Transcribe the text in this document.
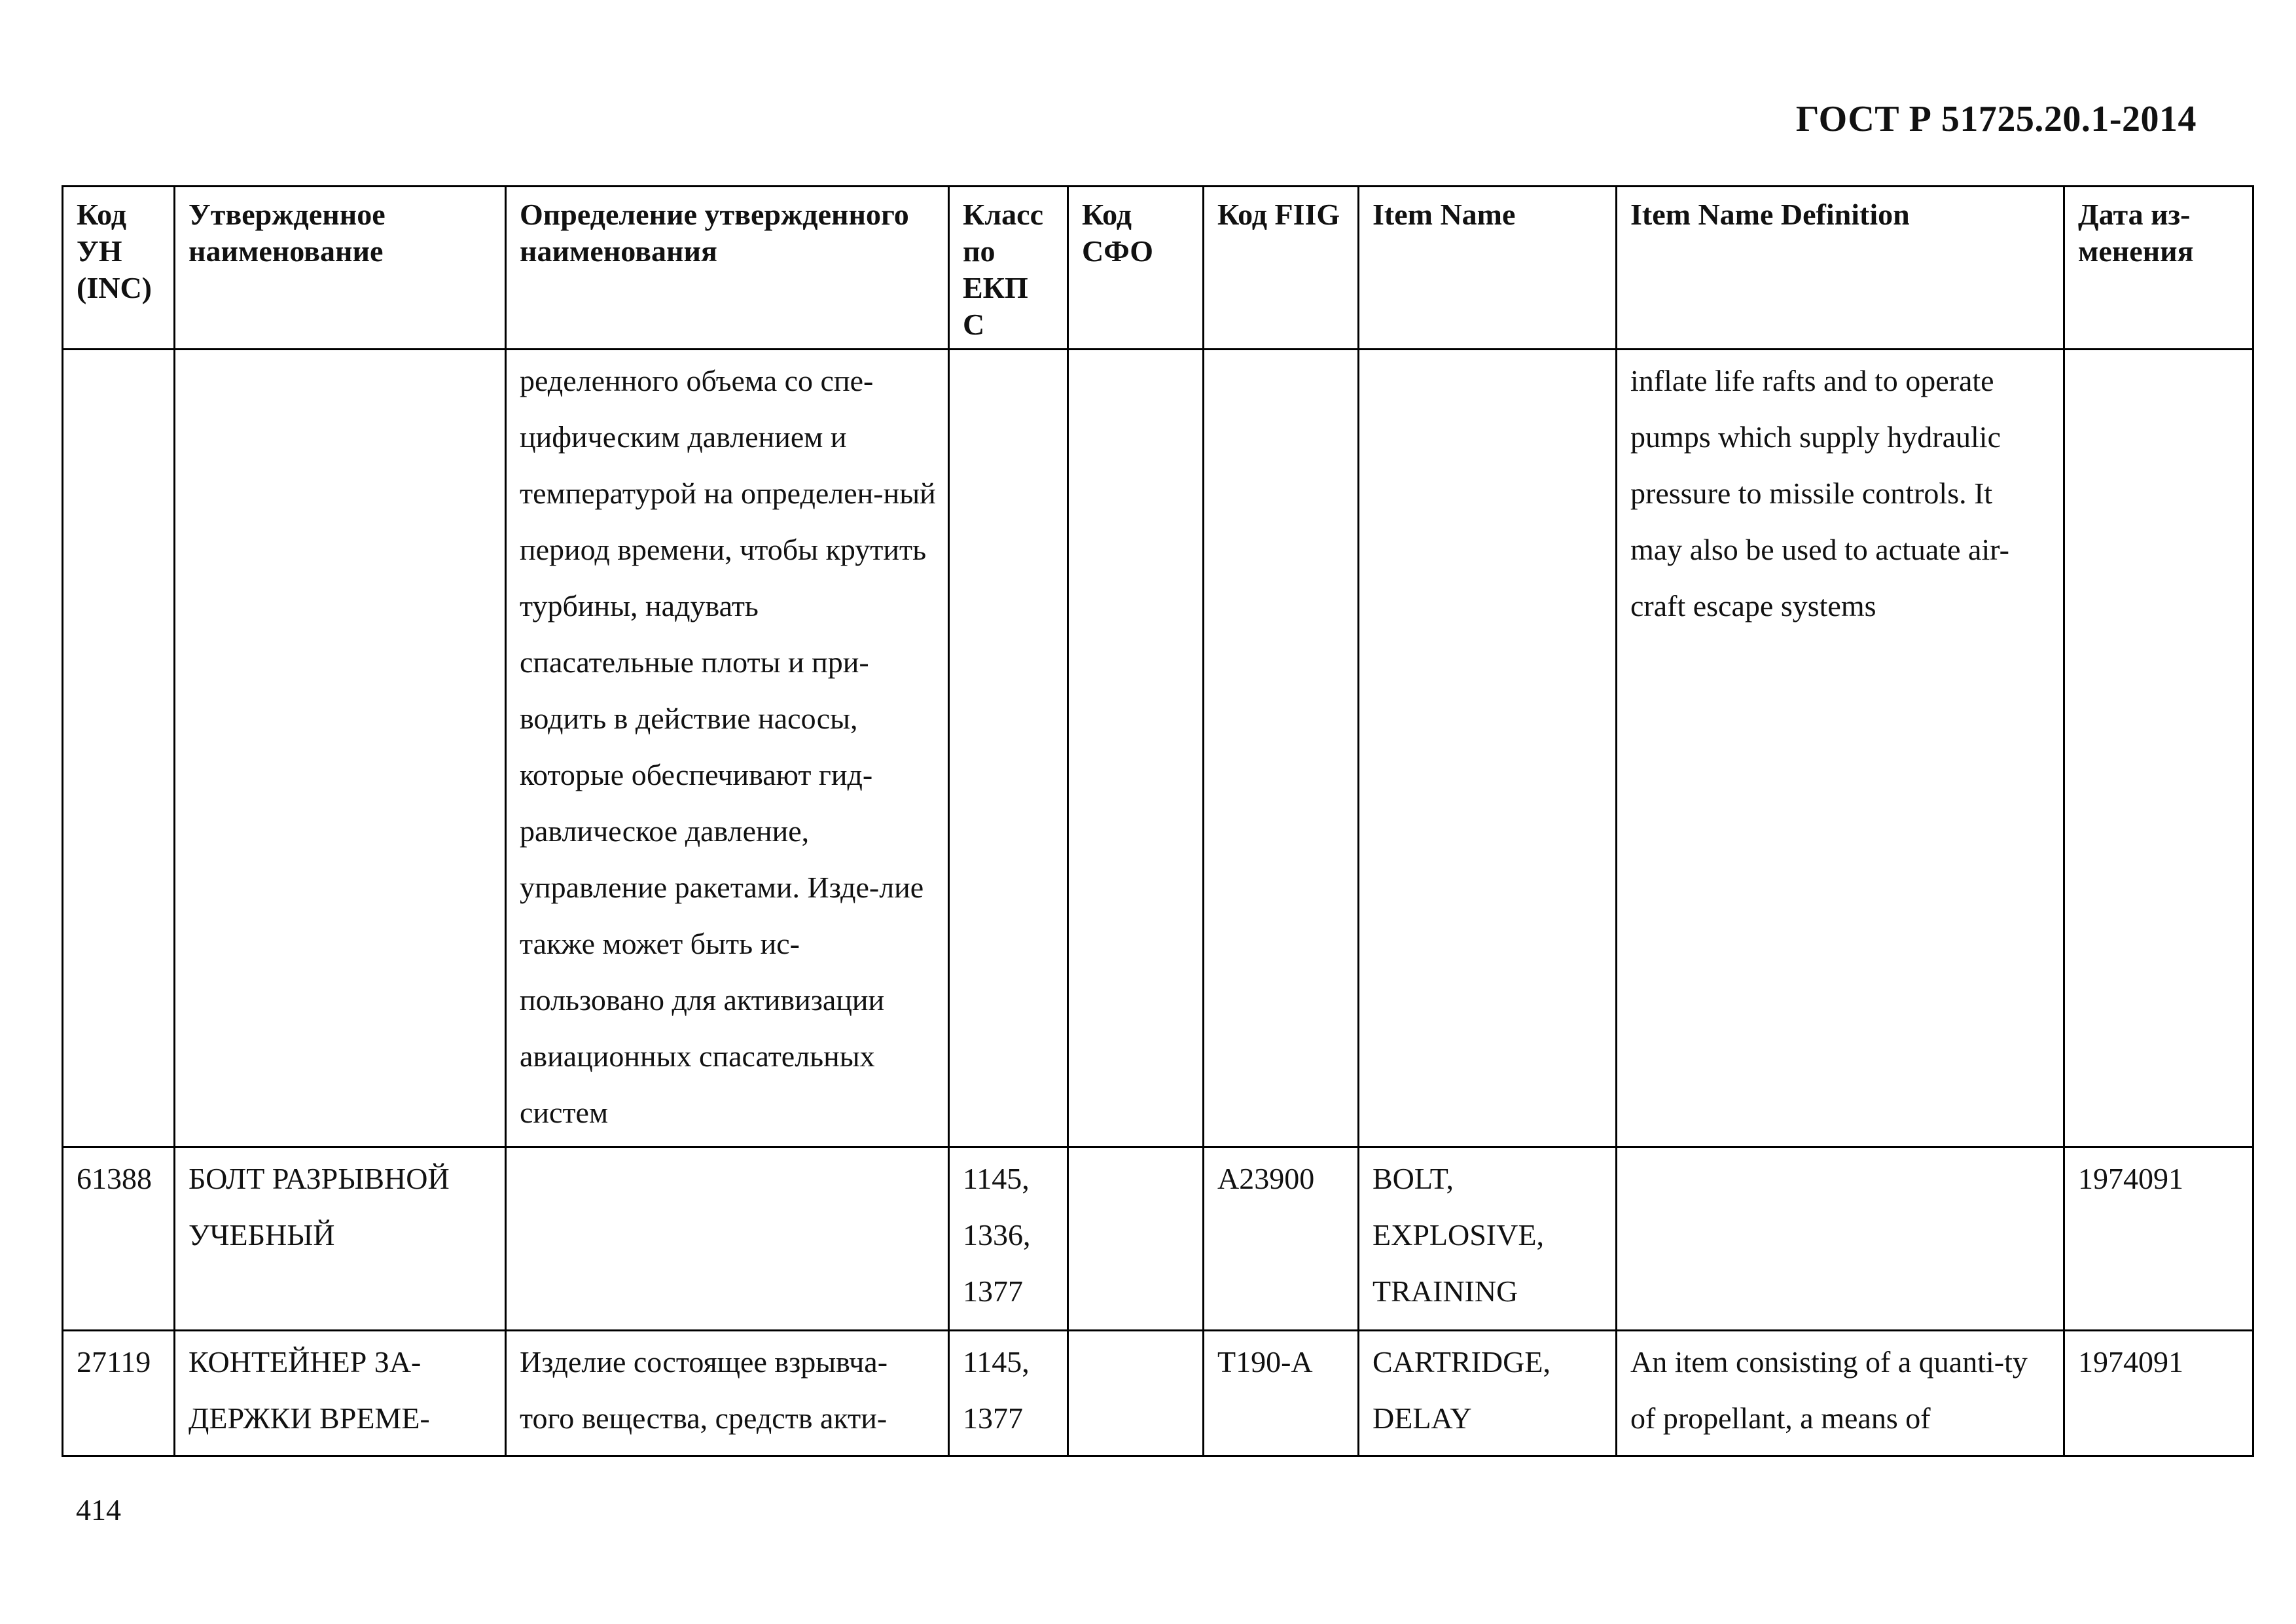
ГОСТ Р 51725.20.1-2014
Код УН (INC)	Утвержденное наименование	Определение утвержденного наименования	Класс по ЕКП С	Код СФО	Код FIIG	Item Name	Item Name Definition	Дата из-менения
		ределенного объема со спе-цифическим давлением и температурой на определен-ный период времени, чтобы крутить турбины, надувать спасательные плоты и при-водить в действие насосы, которые обеспечивают гид-равлическое давление, управление ракетами. Изде-лие также может быть ис-пользовано для активизации авиационных спасательных систем					inflate life rafts and to operate pumps which supply hydraulic pressure to missile controls. It may also be used to actuate air-craft escape systems	
61388	БОЛТ РАЗРЫВНОЙ УЧЕБНЫЙ		1145, 1336, 1377		A23900	BOLT, EXPLOSIVE, TRAINING		1974091
27119	КОНТЕЙНЕР ЗА-ДЕРЖКИ ВРЕМЕ-	Изделие состоящее взрывча-того вещества, средств акти-	1145, 1377		T190-A	CARTRIDGE, DELAY	An item consisting of a quanti-ty of propellant, a means of	1974091
414
